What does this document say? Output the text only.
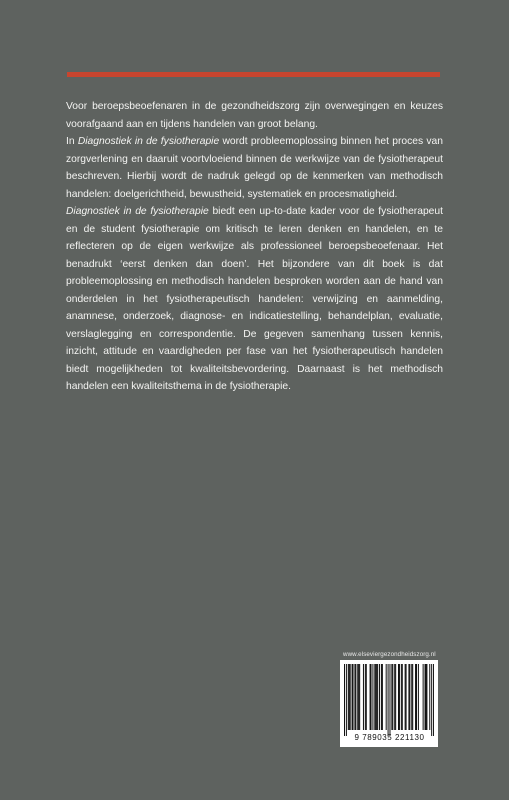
Voor beroepsbeoefenaren in de gezondheidszorg zijn overwegingen en keuzes voorafgaand aan en tijdens handelen van groot belang.

In Diagnostiek in de fysiotherapie wordt probleemoplossing binnen het proces van zorgverlening en daaruit voortvloeiend binnen de werkwijze van de fysiotherapeut beschreven. Hierbij wordt de nadruk gelegd op de kenmerken van methodisch handelen: doelgerichtheid, bewustheid, systematiek en procesmatigheid.

Diagnostiek in de fysiotherapie biedt een up-to-date kader voor de fysiotherapeut en de student fysiotherapie om kritisch te leren denken en handelen, en te reflecteren op de eigen werkwijze als professioneel beroepsbeoefenaar. Het benadrukt ‘eerst denken dan doen’. Het bijzondere van dit boek is dat probleemoplossing en methodisch handelen besproken worden aan de hand van onderdelen in het fysiotherapeutisch handelen: verwijzing en aanmelding, anamnese, onderzoek, diagnose- en indicatiestelling, behandelplan, evaluatie, verslaglegging en correspondentie. De gegeven samenhang tussen kennis, inzicht, attitude en vaardigheden per fase van het fysiotherapeutisch handelen biedt mogelijkheden tot kwaliteitsbevordering. Daarnaast is het methodisch handelen een kwaliteitsthema in de fysiotherapie.

www.elseviergezondheidszorg.nl
9 789035 221130
